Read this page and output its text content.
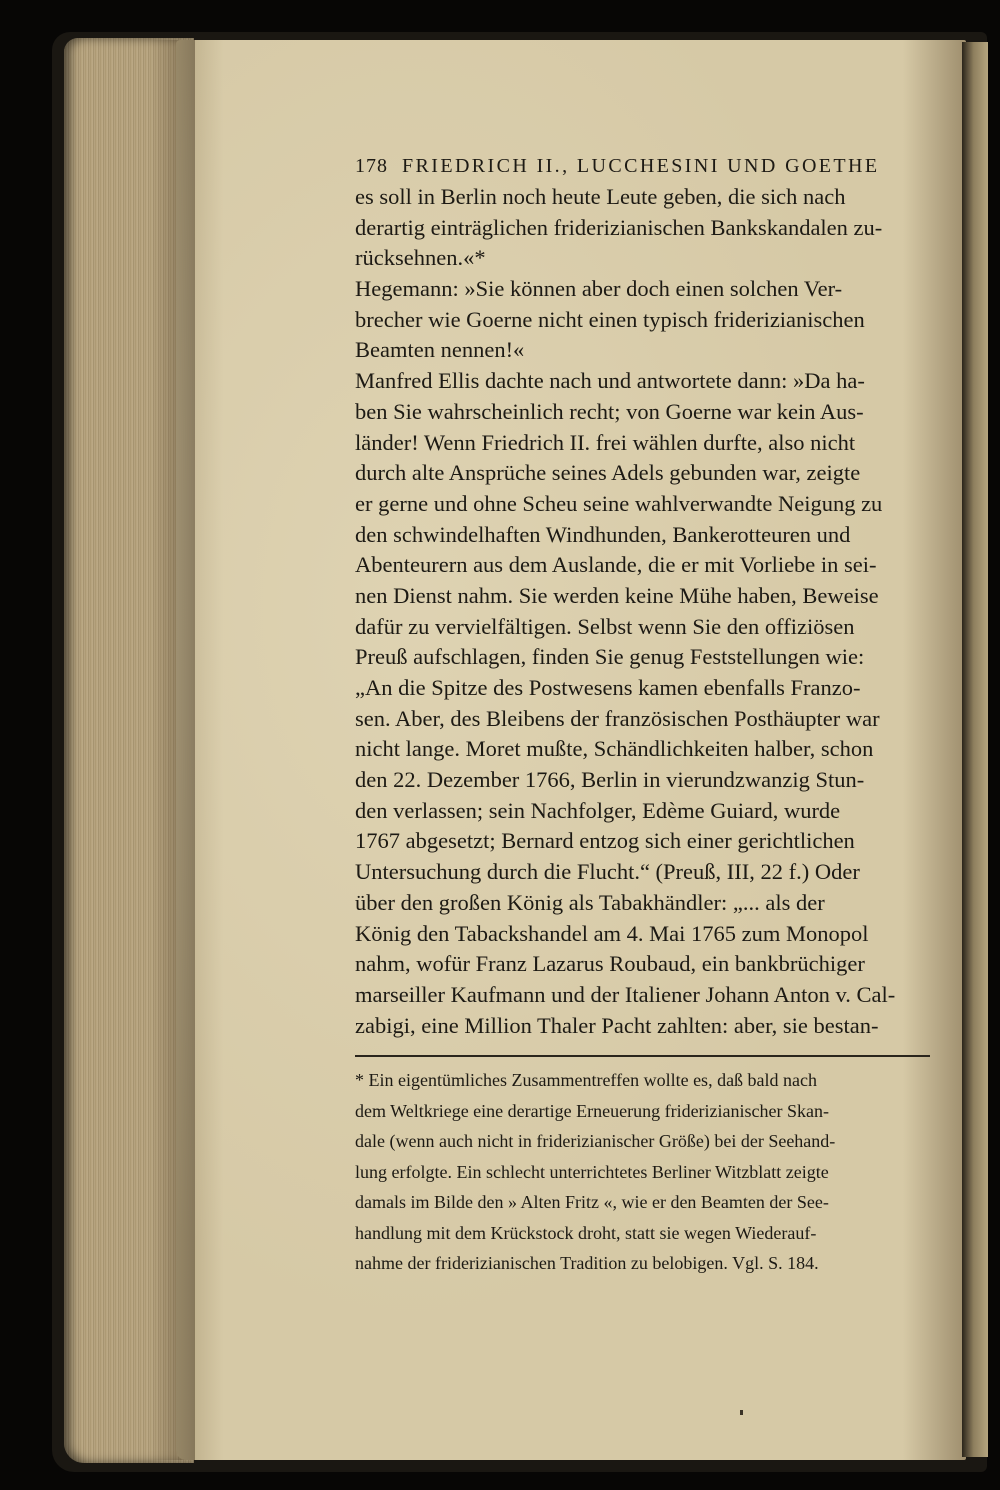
178 FRIEDRICH II., LUCCHESINI UND GOETHE
es soll in Berlin noch heute Leute geben, die sich nach
derartig einträglichen friderizianischen Bankskandalen zu-
rücksehnen.«*
Hegemann: »Sie können aber doch einen solchen Ver-
brecher wie Goerne nicht einen typisch friderizianischen
Beamten nennen!«
Manfred Ellis dachte nach und antwortete dann: »Da ha-
ben Sie wahrscheinlich recht; von Goerne war kein Aus-
länder! Wenn Friedrich II. frei wählen durfte, also nicht
durch alte Ansprüche seines Adels gebunden war, zeigte
er gerne und ohne Scheu seine wahlverwandte Neigung zu
den schwindelhaften Windhunden, Bankerotteuren und
Abenteurern aus dem Auslande, die er mit Vorliebe in sei-
nen Dienst nahm. Sie werden keine Mühe haben, Beweise
dafür zu vervielfältigen. Selbst wenn Sie den offiziösen
Preuß aufschlagen, finden Sie genug Feststellungen wie:
„An die Spitze des Postwesens kamen ebenfalls Franzo-
sen. Aber, des Bleibens der französischen Posthäupter war
nicht lange. Moret mußte, Schändlichkeiten halber, schon
den 22. Dezember 1766, Berlin in vierundzwanzig Stun-
den verlassen; sein Nachfolger, Edème Guiard, wurde
1767 abgesetzt; Bernard entzog sich einer gerichtlichen
Untersuchung durch die Flucht.“ (Preuß, III, 22 f.) Oder
über den großen König als Tabakhändler: „... als der
König den Tabackshandel am 4. Mai 1765 zum Monopol
nahm, wofür Franz Lazarus Roubaud, ein bankbrüchiger
marseiller Kaufmann und der Italiener Johann Anton v. Cal-
zabigi, eine Million Thaler Pacht zahlten: aber, sie bestan-
* Ein eigentümliches Zusammentreffen wollte es, daß bald nach
dem Weltkriege eine derartige Erneuerung friderizianischer Skan-
dale (wenn auch nicht in friderizianischer Größe) bei der Seehand-
lung erfolgte. Ein schlecht unterrichtetes Berliner Witzblatt zeigte
damals im Bilde den » Alten Fritz «, wie er den Beamten der See-
handlung mit dem Krückstock droht, statt sie wegen Wiederauf-
nahme der friderizianischen Tradition zu belobigen. Vgl. S. 184.
